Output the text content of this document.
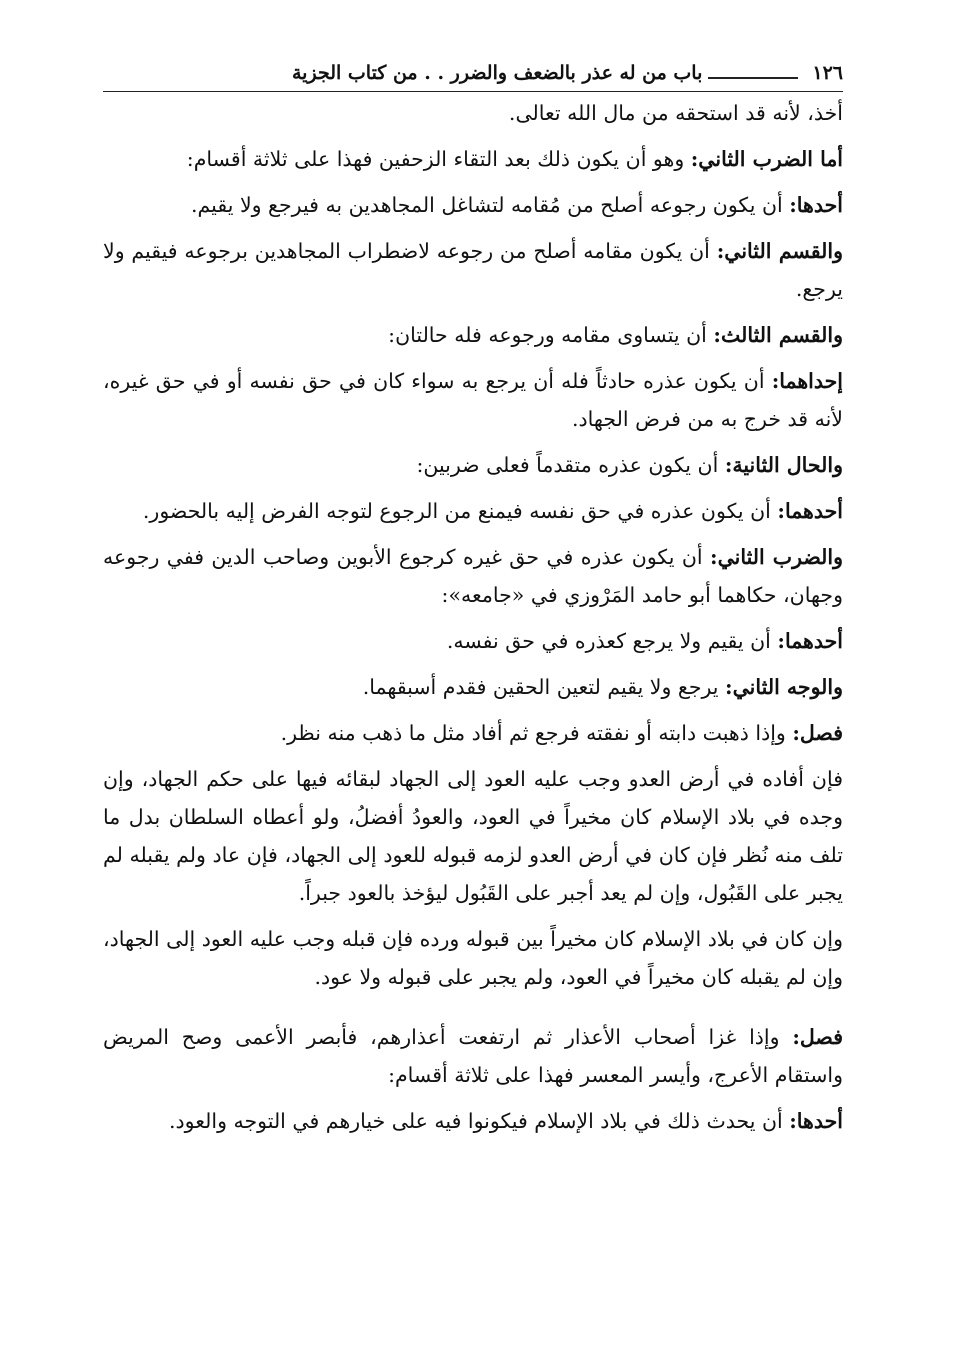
١٢٦
باب من له عذر بالضعف والضرر . . من كتاب الجزية

أخذ، لأنه قد استحقه من مال الله تعالى.

أما الضرب الثاني: وهو أن يكون ذلك بعد التقاء الزحفين فهذا على ثلاثة أقسام:

أحدها: أن يكون رجوعه أصلح من مُقامه لتشاغل المجاهدين به فيرجع ولا يقيم.

والقسم الثاني: أن يكون مقامه أصلح من رجوعه لاضطراب المجاهدين برجوعه فيقيم ولا يرجع.

والقسم الثالث: أن يتساوى مقامه ورجوعه فله حالتان:

إحداهما: أن يكون عذره حادثاً فله أن يرجع به سواء كان في حق نفسه أو في حق غيره، لأنه قد خرج به من فرض الجهاد.

والحال الثانية: أن يكون عذره متقدماً فعلى ضربين:

أحدهما: أن يكون عذره في حق نفسه فيمنع من الرجوع لتوجه الفرض إليه بالحضور.

والضرب الثاني: أن يكون عذره في حق غيره كرجوع الأبوين وصاحب الدين ففي رجوعه وجهان، حكاهما أبو حامد المَرْوزي في «جامعه»:

أحدهما: أن يقيم ولا يرجع كعذره في حق نفسه.

والوجه الثاني: يرجع ولا يقيم لتعين الحقين فقدم أسبقهما.

فصل: وإذا ذهبت دابته أو نفقته فرجع ثم أفاد مثل ما ذهب منه نظر.

فإن أفاده في أرض العدو وجب عليه العود إلى الجهاد لبقائه فيها على حكم الجهاد، وإن وجده في بلاد الإسلام كان مخيراً في العود، والعودُ أفضلُ، ولو أعطاه السلطان بدل ما تلف منه نُظر فإن كان في أرض العدو لزمه قبوله للعود إلى الجهاد، فإن عاد ولم يقبله لم يجبر على القَبُول، وإن لم يعد أجبر على القَبُول ليؤخذ بالعود جبراً.

وإن كان في بلاد الإسلام كان مخيراً بين قبوله ورده فإن قبله وجب عليه العود إلى الجهاد، وإن لم يقبله كان مخيراً في العود، ولم يجبر على قبوله ولا عود.

فصل: وإذا غزا أصحاب الأعذار ثم ارتفعت أعذارهم، فأبصر الأعمى وصح المريض واستقام الأعرج، وأيسر المعسر فهذا على ثلاثة أقسام:

أحدها: أن يحدث ذلك في بلاد الإسلام فيكونوا فيه على خيارهم في التوجه والعود.
